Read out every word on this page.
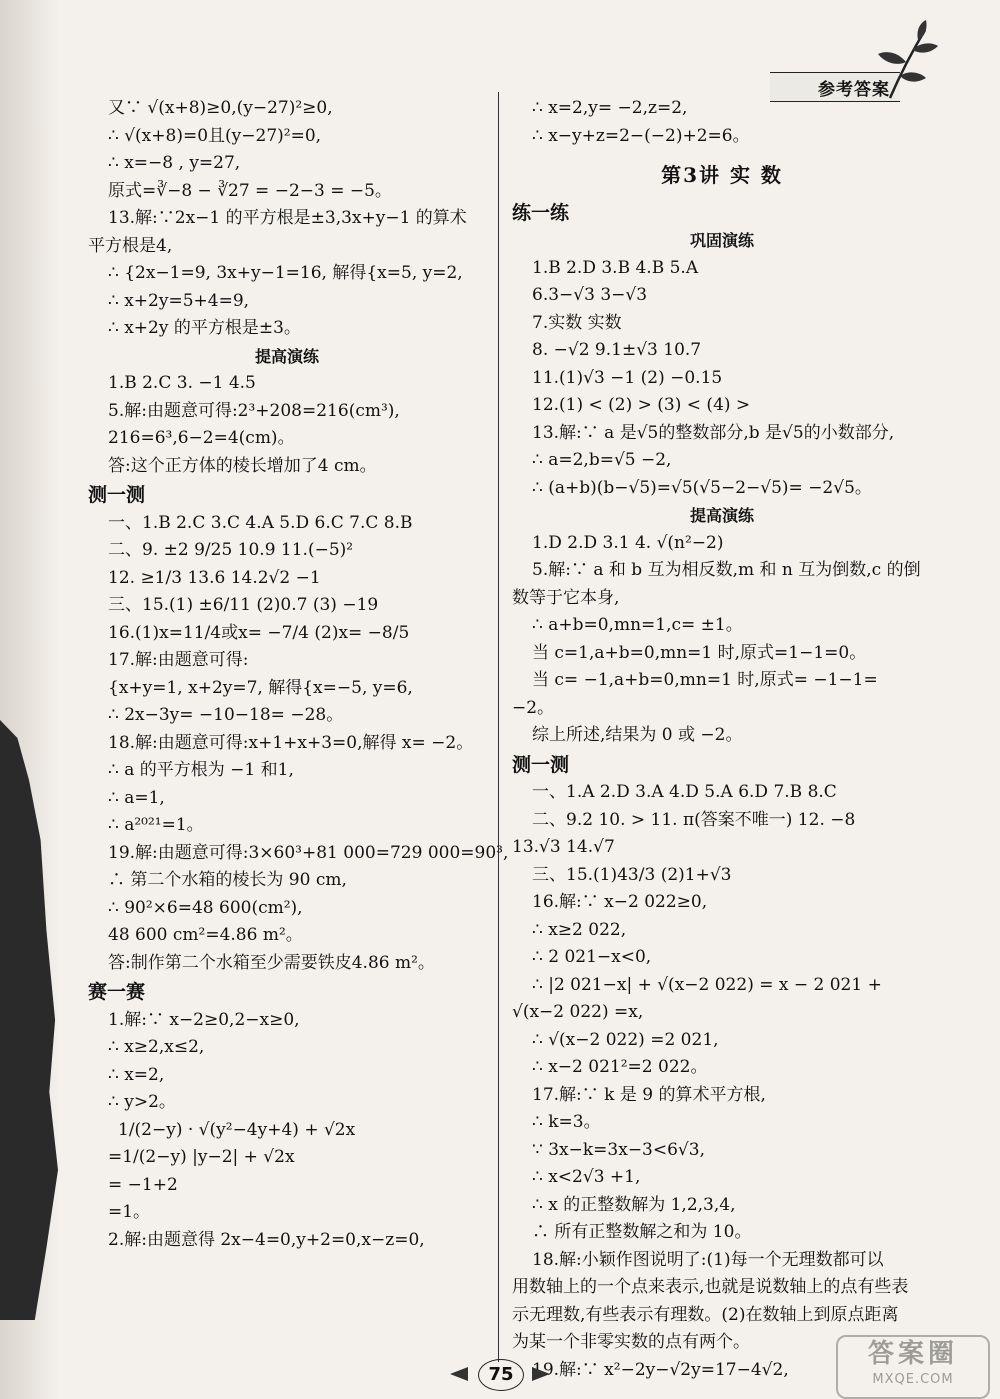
参考答案
又∵ √(x+8)≥0,(y−27)²≥0,
∴ √(x+8)=0且(y−27)²=0,
∴ x=−8 , y=27,
原式=∛−8 − ∛27 = −2−3 = −5。
13.解:∵2x−1 的平方根是±3,3x+y−1 的算术
平方根是4,
∴ {2x−1=9, 3x+y−1=16, 解得{x=5, y=2,
∴ x+2y=5+4=9,
∴ x+2y 的平方根是±3。
提高演练
1.B 2.C 3. −1 4.5
5.解:由题意可得:2³+208=216(cm³),
216=6³,6−2=4(cm)。
答:这个正方体的棱长增加了4 cm。
测一测
一、1.B 2.C 3.C 4.A 5.D 6.C 7.C 8.B
二、9. ±2 9/25 10.9 11.(−5)²
12. ≥1/3 13.6 14.2√2 −1
三、15.(1) ±6/11 (2)0.7 (3) −19
16.(1)x=11/4或x= −7/4 (2)x= −8/5
17.解:由题意可得:
{x+y=1, x+2y=7, 解得{x=−5, y=6,
∴ 2x−3y= −10−18= −28。
18.解:由题意可得:x+1+x+3=0,解得 x= −2。
∴ a 的平方根为 −1 和1,
∴ a=1,
∴ a²⁰²¹=1。
19.解:由题意可得:3×60³+81 000=729 000=90³,
∴ 第二个水箱的棱长为 90 cm,
∴ 90²×6=48 600(cm²),
48 600 cm²=4.86 m²。
答:制作第二个水箱至少需要铁皮4.86 m²。
赛一赛
1.解:∵ x−2≥0,2−x≥0,
∴ x≥2,x≤2,
∴ x=2,
∴ y>2。
1/(2−y) · √(y²−4y+4) + √2x
=1/(2−y) |y−2| + √2x
= −1+2
=1。
2.解:由题意得 2x−4=0,y+2=0,x−z=0,
∴ x=2,y= −2,z=2,
∴ x−y+z=2−(−2)+2=6。
第3讲 实 数
练一练
巩固演练
1.B 2.D 3.B 4.B 5.A
6.3−√3 3−√3
7.实数 实数
8. −√2 9.1±√3 10.7
11.(1)√3 −1 (2) −0.15
12.(1) < (2) > (3) < (4) >
13.解:∵ a 是√5的整数部分,b 是√5的小数部分,
∴ a=2,b=√5 −2,
∴ (a+b)(b−√5)=√5(√5−2−√5)= −2√5。
提高演练
1.D 2.D 3.1 4. √(n²−2)
5.解:∵ a 和 b 互为相反数,m 和 n 互为倒数,c 的倒
数等于它本身,
∴ a+b=0,mn=1,c= ±1。
当 c=1,a+b=0,mn=1 时,原式=1−1=0。
当 c= −1,a+b=0,mn=1 时,原式= −1−1=
−2。
综上所述,结果为 0 或 −2。
测一测
一、1.A 2.D 3.A 4.D 5.A 6.D 7.B 8.C
二、9.2 10. > 11. π(答案不唯一) 12. −8
13.√3 14.√7
三、15.(1)43/3 (2)1+√3
16.解:∵ x−2 022≥0,
∴ x≥2 022,
∴ 2 021−x<0,
∴ |2 021−x| + √(x−2 022) = x − 2 021 +
√(x−2 022) =x,
∴ √(x−2 022) =2 021,
∴ x−2 021²=2 022。
17.解:∵ k 是 9 的算术平方根,
∴ k=3。
∵ 3x−k=3x−3<6√3,
∴ x<2√3 +1,
∴ x 的正整数解为 1,2,3,4,
∴ 所有正整数解之和为 10。
18.解:小颖作图说明了:(1)每一个无理数都可以
用数轴上的一个点来表示,也就是说数轴上的点有些表
示无理数,有些表示有理数。(2)在数轴上到原点距离
为某一个非零实数的点有两个。
19.解:∵ x²−2y−√2y=17−4√2,
75
答案圈
MXQE.COM
